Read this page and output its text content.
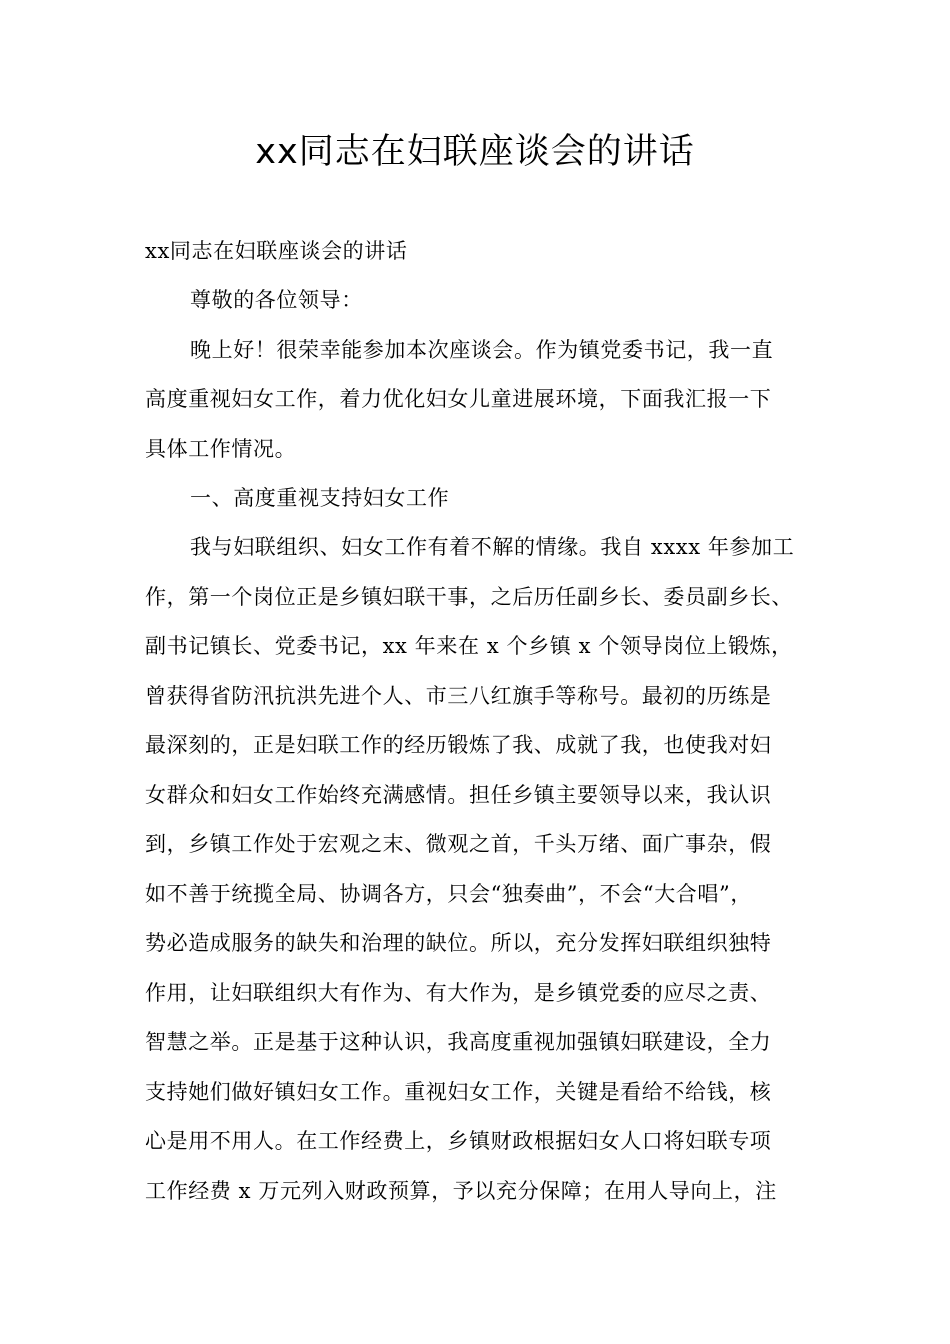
xx同志在妇联座谈会的讲话
xx同志在妇联座谈会的讲话
尊敬的各位领导：
晚上好！很荣幸能参加本次座谈会。作为镇党委书记，我一直
高度重视妇女工作，着力优化妇女儿童进展环境，下面我汇报一下
具体工作情况。
一、高度重视支持妇女工作
我与妇联组织、妇女工作有着不解的情缘。我自 xxxx 年参加工
作，第一个岗位正是乡镇妇联干事，之后历任副乡长、委员副乡长、
副书记镇长、党委书记，xx 年来在 x 个乡镇 x 个领导岗位上锻炼，
曾获得省防汛抗洪先进个人、市三八红旗手等称号。最初的历练是
最深刻的，正是妇联工作的经历锻炼了我、成就了我，也使我对妇
女群众和妇女工作始终充满感情。担任乡镇主要领导以来，我认识
到，乡镇工作处于宏观之末、微观之首，千头万绪、面广事杂，假
如不善于统揽全局、协调各方，只会“独奏曲”，不会“大合唱”，
势必造成服务的缺失和治理的缺位。所以，充分发挥妇联组织独特
作用，让妇联组织大有作为、有大作为，是乡镇党委的应尽之责、
智慧之举。正是基于这种认识，我高度重视加强镇妇联建设，全力
支持她们做好镇妇女工作。重视妇女工作，关键是看给不给钱，核
心是用不用人。在工作经费上，乡镇财政根据妇女人口将妇联专项
工作经费 x 万元列入财政预算，予以充分保障；在用人导向上，注
